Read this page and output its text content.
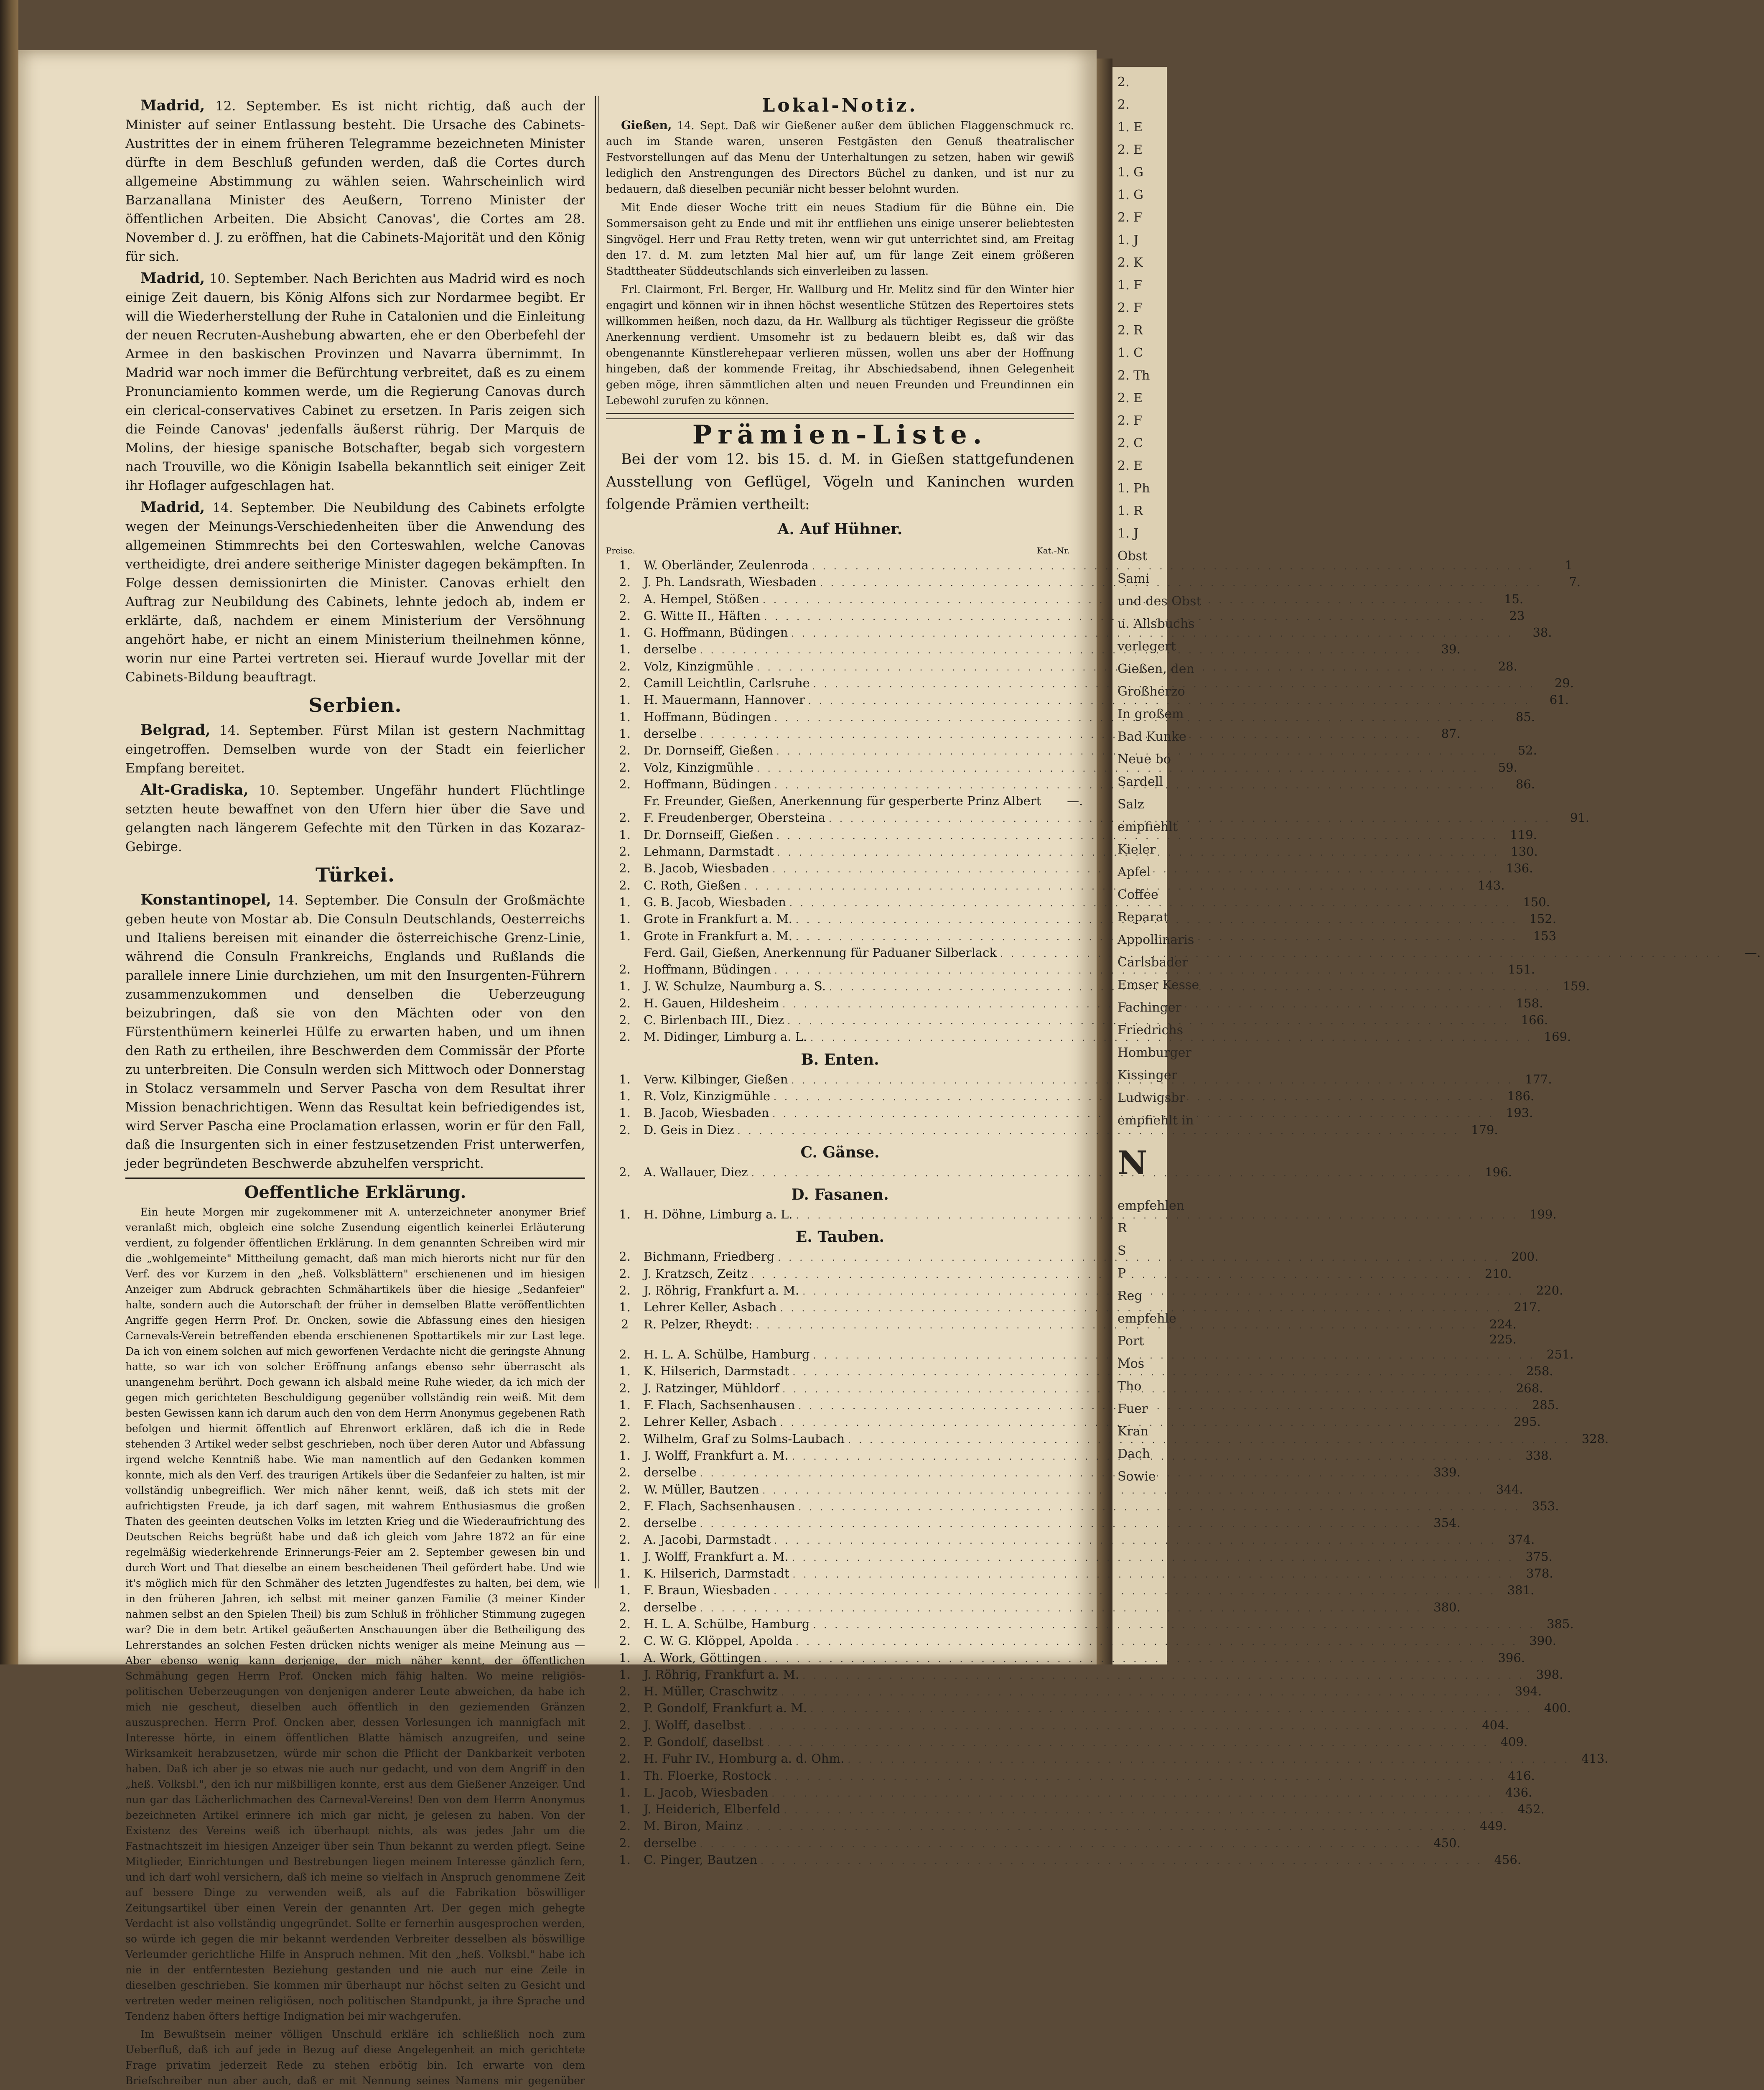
2.
2.
1. E
2. E
1. G
1. G
2. F
1. J
2. K
1. F
2. F
2. R
1. C
2. Th
2. E
2. F
2. C
2. E
1. Ph
1. R
1. J
Obst
Sami
und des Obst
u. Allsbuchs
verlegert
Gießen, den
Großherzo
In großem
Bad Kunke
Neue bo
Sardell
Salz
empfiehlt
Kieler
Apfel
Coffee
Reparat
Appollinaris
Carlsbader
Emser Kesse
Fachinger
Friedrichs
Homburger
Kissinger
Ludwigsbr
empfiehlt in
N
empfehlen
R
S
P
Reg
empfehle
Port
Mos
Tho
Fuer
Kran
Dach
Sowie

Madrid, 12. September. Es ist nicht richtig, daß auch der Minister auf seiner Entlassung besteht. Die Ursache des Cabinets-Austrittes der in einem früheren Telegramme bezeichneten Minister dürfte in dem Beschluß gefunden werden, daß die Cortes durch allgemeine Abstimmung zu wählen seien. Wahrscheinlich wird Barzanallana Minister des Aeußern, Torreno Minister der öffentlichen Arbeiten. Die Absicht Canovas', die Cortes am 28. November d. J. zu eröffnen, hat die Cabinets-Majorität und den König für sich.

Madrid, 10. September. Nach Berichten aus Madrid wird es noch einige Zeit dauern, bis König Alfons sich zur Nordarmee begibt. Er will die Wiederherstellung der Ruhe in Catalonien und die Einleitung der neuen Recruten-Aushebung abwarten, ehe er den Oberbefehl der Armee in den baskischen Provinzen und Navarra übernimmt. In Madrid war noch immer die Befürchtung verbreitet, daß es zu einem Pronunciamiento kommen werde, um die Regierung Canovas durch ein clerical-conservatives Cabinet zu ersetzen. In Paris zeigen sich die Feinde Canovas' jedenfalls äußerst rührig. Der Marquis de Molins, der hiesige spanische Botschafter, begab sich vorgestern nach Trouville, wo die Königin Isabella bekanntlich seit einiger Zeit ihr Hoflager aufgeschlagen hat.

Madrid, 14. September. Die Neubildung des Cabinets erfolgte wegen der Meinungs-Verschiedenheiten über die Anwendung des allgemeinen Stimmrechts bei den Corteswahlen, welche Canovas vertheidigte, drei andere seitherige Minister dagegen bekämpften. In Folge dessen demissionirten die Minister. Canovas erhielt den Auftrag zur Neubildung des Cabinets, lehnte jedoch ab, indem er erklärte, daß, nachdem er einem Ministerium der Versöhnung angehört habe, er nicht an einem Ministerium theilnehmen könne, worin nur eine Partei vertreten sei. Hierauf wurde Jovellar mit der Cabinets-Bildung beauftragt.

Serbien.

Belgrad, 14. September. Fürst Milan ist gestern Nachmittag eingetroffen. Demselben wurde von der Stadt ein feierlicher Empfang bereitet.

Alt-Gradiska, 10. September. Ungefähr hundert Flüchtlinge setzten heute bewaffnet von den Ufern hier über die Save und gelangten nach längerem Gefechte mit den Türken in das Kozaraz-Gebirge.

Türkei.

Konstantinopel, 14. September. Die Consuln der Großmächte geben heute von Mostar ab. Die Consuln Deutschlands, Oesterreichs und Italiens bereisen mit einander die österreichische Grenz-Linie, während die Consuln Frankreichs, Englands und Rußlands die parallele innere Linie durchziehen, um mit den Insurgenten-Führern zusammenzukommen und denselben die Ueberzeugung beizubringen, daß sie von den Mächten oder von den Fürstenthümern keinerlei Hülfe zu erwarten haben, und um ihnen den Rath zu ertheilen, ihre Beschwerden dem Commissär der Pforte zu unterbreiten. Die Consuln werden sich Mittwoch oder Donnerstag in Stolacz versammeln und Server Pascha von dem Resultat ihrer Mission benachrichtigen. Wenn das Resultat kein befriedigendes ist, wird Server Pascha eine Proclamation erlassen, worin er für den Fall, daß die Insurgenten sich in einer festzusetzenden Frist unterwerfen, jeder begründeten Beschwerde abzuhelfen verspricht.

Oeffentliche Erklärung.

Ein heute Morgen mir zugekommener mit A. unterzeichneter anonymer Brief veranlaßt mich, obgleich eine solche Zusendung eigentlich keinerlei Erläuterung verdient, zu folgender öffentlichen Erklärung. In dem genannten Schreiben wird mir die „wohlgemeinte" Mittheilung gemacht, daß man mich hierorts nicht nur für den Verf. des vor Kurzem in den „heß. Volksblättern" erschienenen und im hiesigen Anzeiger zum Abdruck gebrachten Schmähartikels über die hiesige „Sedanfeier" halte, sondern auch die Autorschaft der früher in demselben Blatte veröffentlichten Angriffe gegen Herrn Prof. Dr. Oncken, sowie die Abfassung eines den hiesigen Carnevals-Verein betreffenden ebenda erschienenen Spottartikels mir zur Last lege. Da ich von einem solchen auf mich geworfenen Verdachte nicht die geringste Ahnung hatte, so war ich von solcher Eröffnung anfangs ebenso sehr überrascht als unangenehm berührt. Doch gewann ich alsbald meine Ruhe wieder, da ich mich der gegen mich gerichteten Beschuldigung gegenüber vollständig rein weiß. Mit dem besten Gewissen kann ich darum auch den von dem Herrn Anonymus gegebenen Rath befolgen und hiermit öffentlich auf Ehrenwort erklären, daß ich die in Rede stehenden 3 Artikel weder selbst geschrieben, noch über deren Autor und Abfassung irgend welche Kenntniß habe. Wie man namentlich auf den Gedanken kommen konnte, mich als den Verf. des traurigen Artikels über die Sedanfeier zu halten, ist mir vollständig unbegreiflich. Wer mich näher kennt, weiß, daß ich stets mit der aufrichtigsten Freude, ja ich darf sagen, mit wahrem Enthusiasmus die großen Thaten des geeinten deutschen Volks im letzten Krieg und die Wiederaufrichtung des Deutschen Reichs begrüßt habe und daß ich gleich vom Jahre 1872 an für eine regelmäßig wiederkehrende Erinnerungs-Feier am 2. September gewesen bin und durch Wort und That dieselbe an einem bescheidenen Theil gefördert habe. Und wie it's möglich mich für den Schmäher des letzten Jugendfestes zu halten, bei dem, wie in den früheren Jahren, ich selbst mit meiner ganzen Familie (3 meiner Kinder nahmen selbst an den Spielen Theil) bis zum Schluß in fröhlicher Stimmung zugegen war? Die in dem betr. Artikel geäußerten Anschauungen über die Betheiligung des Lehrerstandes an solchen Festen drücken nichts weniger als meine Meinung aus — Aber ebenso wenig kann derjenige, der mich näher kennt, der öffentlichen Schmähung gegen Herrn Prof. Oncken mich fähig halten. Wo meine religiös-politischen Ueberzeugungen von denjenigen anderer Leute abweichen, da habe ich mich nie gescheut, dieselben auch öffentlich in den geziemenden Gränzen auszusprechen. Herrn Prof. Oncken aber, dessen Vorlesungen ich mannigfach mit Interesse hörte, in einem öffentlichen Blatte hämisch anzugreifen, und seine Wirksamkeit herabzusetzen, würde mir schon die Pflicht der Dankbarkeit verboten haben. Daß ich aber je so etwas nie auch nur gedacht, und von dem Angriff in den „heß. Volksbl.", den ich nur mißbilligen konnte, erst aus dem Gießener Anzeiger. Und nun gar das Lächerlichmachen des Carneval-Vereins! Den von dem Herrn Anonymus bezeichneten Artikel erinnere ich mich gar nicht, je gelesen zu haben. Von der Existenz des Vereins weiß ich überhaupt nichts, als was jedes Jahr um die Fastnachtszeit im hiesigen Anzeiger über sein Thun bekannt zu werden pflegt. Seine Mitglieder, Einrichtungen und Bestrebungen liegen meinem Interesse gänzlich fern, und ich darf wohl versichern, daß ich meine so vielfach in Anspruch genommene Zeit auf bessere Dinge zu verwenden weiß, als auf die Fabrikation böswilliger Zeitungsartikel über einen Verein der genannten Art. Der gegen mich gehegte Verdacht ist also vollständig ungegründet. Sollte er fernerhin ausgesprochen werden, so würde ich gegen die mir bekannt werdenden Verbreiter desselben als böswillige Verleumder gerichtliche Hilfe in Anspruch nehmen. Mit den „heß. Volksbl." habe ich nie in der entferntesten Beziehung gestanden und nie auch nur eine Zeile in dieselben geschrieben. Sie kommen mir überhaupt nur höchst selten zu Gesicht und vertreten weder meinen religiösen, noch politischen Standpunkt, ja ihre Sprache und Tendenz haben öfters heftige Indignation bei mir wachgerufen.

Im Bewußtsein meiner völligen Unschuld erkläre ich schließlich noch zum Ueberfluß, daß ich auf jede in Bezug auf diese Angelegenheit an mich gerichtete Frage privatim jederzeit Rede zu stehen erbötig bin. Ich erwarte von dem Briefschreiber nun aber auch, daß er mit Nennung seines Namens mir gegenüber

Lokal-Notiz.

Gießen, 14. Sept. Daß wir Gießener außer dem üblichen Flaggenschmuck rc. auch im Stande waren, unseren Festgästen den Genuß theatralischer Festvorstellungen auf das Menu der Unterhaltungen zu setzen, haben wir gewiß lediglich den Anstrengungen des Directors Büchel zu danken, und ist nur zu bedauern, daß dieselben pecuniär nicht besser belohnt wurden.

Mit Ende dieser Woche tritt ein neues Stadium für die Bühne ein. Die Sommersaison geht zu Ende und mit ihr entfliehen uns einige unserer beliebtesten Singvögel. Herr und Frau Retty treten, wenn wir gut unterrichtet sind, am Freitag den 17. d. M. zum letzten Mal hier auf, um für lange Zeit einem größeren Stadttheater Süddeutschlands sich einverleiben zu lassen.

Frl. Clairmont, Frl. Berger, Hr. Wallburg und Hr. Melitz sind für den Winter hier engagirt und können wir in ihnen höchst wesentliche Stützen des Repertoires stets willkommen heißen, noch dazu, da Hr. Wallburg als tüchtiger Regisseur die größte Anerkennung verdient. Umsomehr ist zu bedauern bleibt es, daß wir das obengenannte Künstlerehepaar verlieren müssen, wollen uns aber der Hoffnung hingeben, daß der kommende Freitag, ihr Abschiedsabend, ihnen Gelegenheit geben möge, ihren sämmtlichen alten und neuen Freunden und Freundinnen ein Lebewohl zurufen zu können.

Prämien-Liste.

Bei der vom 12. bis 15. d. M. in Gießen stattgefundenen Ausstellung von Geflügel, Vögeln und Kaninchen wurden folgende Prämien vertheilt:

A. Auf Hühner.
Preise.	Kat.-Nr.
1.	W. Oberländer, Zeulenroda . . .	1
2.	J. Ph. Landsrath, Wiesbaden . . .	7.
2.	A. Hempel, Stößen . . .	15.
2.	G. Witte II., Häften . . .	23
1.	G. Hoffmann, Büdingen . . .	38.
1.	derselbe . . .	39.
2.	Volz, Kinzigmühle . . .	28.
2.	Camill Leichtlin, Carlsruhe . . .	29.
1.	H. Mauermann, Hannover . . .	61.
1.	Hoffmann, Büdingen . . .	85.
1.	derselbe . . .	87.
2.	Dr. Dornseiff, Gießen . . .	52.
2.	Volz, Kinzigmühle . . .	59.
2.	Hoffmann, Büdingen . . .	86.
Fr. Freunder, Gießen, Anerkennung für gesperberte Prinz Albert	—.
2.	F. Freudenberger, Obersteina . . .	91.
1.	Dr. Dornseiff, Gießen . . .	119.
2.	Lehmann, Darmstadt . . .	130.
2.	B. Jacob, Wiesbaden . . .	136.
2.	C. Roth, Gießen . . .	143.
1.	G. B. Jacob, Wiesbaden . . .	150.
1.	Grote in Frankfurt a. M. . . .	152.
1.	Grote in Frankfurt a. M. . . .	153
Ferd. Gail, Gießen, Anerkennung für Paduaner Silberlack . . .	—.
2.	Hoffmann, Büdingen . . .	151.
1.	J. W. Schulze, Naumburg a. S. . . .	159.
2.	H. Gauen, Hildesheim . . .	158.
2.	C. Birlenbach III., Diez . . .	166.
2.	M. Didinger, Limburg a. L. . . .	169.
B. Enten.
1.	Verw. Kilbinger, Gießen . . .	177.
1.	R. Volz, Kinzigmühle . . .	186.
1.	B. Jacob, Wiesbaden . . .	193.
2.	D. Geis in Diez . . .	179.
C. Gänse.
2.	A. Wallauer, Diez . . .	196.
D. Fasanen.
1.	H. Döhne, Limburg a. L. . . .	199.
E. Tauben.
2.	Bichmann, Friedberg . . .	200.
2.	J. Kratzsch, Zeitz . . .	210.
2.	J. Röhrig, Frankfurt a. M. . . .	220.
1.	Lehrer Keller, Asbach . . .	217.
2	R. Pelzer, Rheydt: . . .	224. 225.
2.	H. L. A. Schülbe, Hamburg . . .	251.
1.	K. Hilserich, Darmstadt . . .	258.
2.	J. Ratzinger, Mühldorf . . .	268.
1.	F. Flach, Sachsenhausen . . .	285.
2.	Lehrer Keller, Asbach . . .	295.
2.	Wilhelm, Graf zu Solms-Laubach . . .	328.
1.	J. Wolff, Frankfurt a. M. . . .	338.
2.	derselbe . . .	339.
2.	W. Müller, Bautzen . . .	344.
2.	F. Flach, Sachsenhausen . . .	353.
2.	derselbe . . .	354.
2.	A. Jacobi, Darmstadt . . .	374.
1.	J. Wolff, Frankfurt a. M. . . .	375.
1.	K. Hilserich, Darmstadt . . .	378.
1.	F. Braun, Wiesbaden . . .	381.
2.	derselbe . . .	380.
2.	H. L. A. Schülbe, Hamburg . . .	385.
2.	C. W. G. Klöppel, Apolda . . .	390.
1.	A. Work, Göttingen . . .	396.
1.	J. Röhrig, Frankfurt a. M. . . .	398.
2.	H. Müller, Craschwitz . . .	394.
2.	P. Gondolf, Frankfurt a. M. . . .	400.
2.	J. Wolff, daselbst . . .	404.
2.	P. Gondolf, daselbst . . .	409.
2.	H. Fuhr IV., Homburg a. d. Ohm. . . .	413.
1.	Th. Floerke, Rostock . . .	416.
1.	L. Jacob, Wiesbaden . . .	436.
1.	J. Heiderich, Elberfeld . . .	452.
2.	M. Biron, Mainz . . .	449.
2.	derselbe . . .	450.
1.	C. Pinger, Bautzen . . .	456.
